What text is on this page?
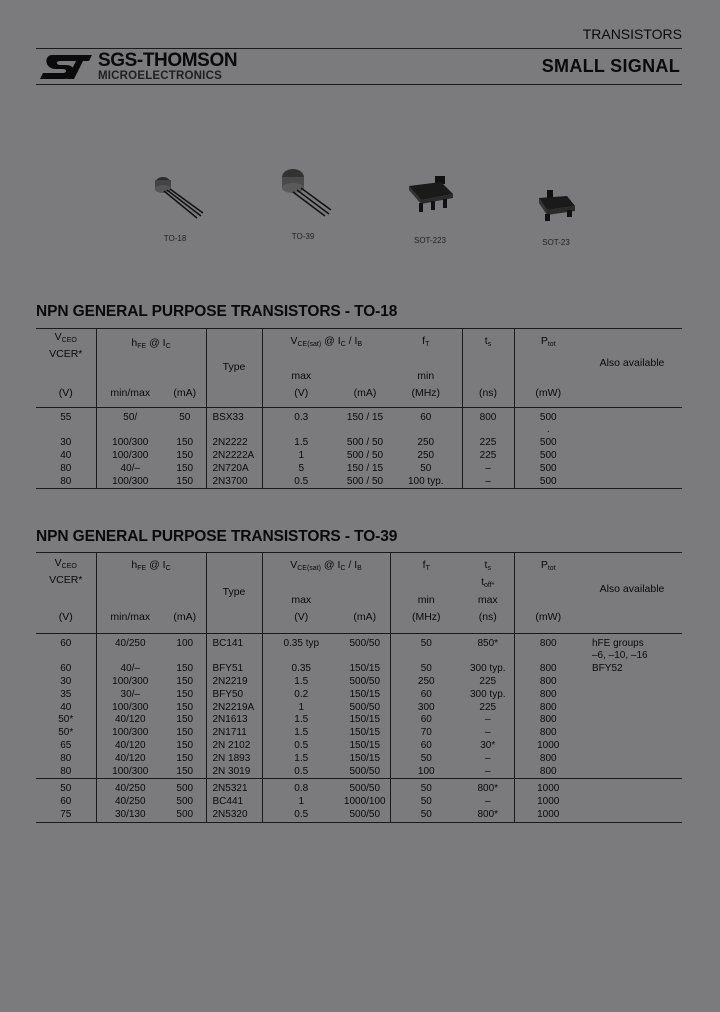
TRANSISTORS
SGS-THOMSON
MICROELECTRONICS	SMALL SIGNAL
TO-18	TO-39	SOT-223	SOT-23
NPN GENERAL PURPOSE TRANSISTORS - TO-18
$V_{CEO}$
VCER*	$h_{FE}$ @ $I_C$		Type	$V_{CE(sat)}$ @ $I_C / I_B$		$f_T$	$t_s$	$P_{tot}$	Also available
				max		min			
(V)	min/max	(mA)		(V)	(mA)	(MHz)	(ns)	(mW)	
55	50/	50	BSX33	0.3	150 / 15	60	800	500	
								.	
30	100/300	150	2N2222	1.5	500 / 50	250	225	500	
40	100/300	150	2N2222A	1	500 / 50	250	225	500	
80	40/–	150	2N720A	5	150 / 15	50	–	500	
80	100/300	150	2N3700	0.5	500 / 50	100 typ.	–	500	
NPN GENERAL PURPOSE TRANSISTORS - TO-39
$V_{CEO}$
VCER*	$h_{FE}$ @ $I_C$		Type	$V_{CE(sat)}$ @ $I_C / I_B$		$f_T$	$t_s$
$t_{off*}$	$P_{tot}$	Also available
				max		min	max		
(V)	min/max	(mA)		(V)	(mA)	(MHz)	(ns)	(mW)	
60	40/250	100	BC141	0.35 typ	500/50	50	850*	800	hFE groups
–6, –10, –16

60	40/–	150	BFY51	0.35	150/15	50	300 typ.	800	BFY52
30	100/300	150	2N2219	1.5	500/50	250	225	800	
35	30/–	150	BFY50	0.2	150/15	60	300 typ.	800	
40	100/300	150	2N2219A	1	500/50	300	225	800	
50*	40/120	150	2N1613	1.5	150/15	60	–	800	
50*	100/300	150	2N1711	1.5	150/15	70	–	800	
65	40/120	150	2N 2102	0.5	150/15	60	30*	1000	
80	40/120	150	2N 1893	1.5	150/15	50	–	800	
80	100/300	150	2N 3019	0.5	500/50	100	–	800	
50	40/250	500	2N5321	0.8	500/50	50	800*	1000	
60	40/250	500	BC441	1	1000/100	50	–	1000	
75	30/130	500	2N5320	0.5	500/50	50	800*	1000	
